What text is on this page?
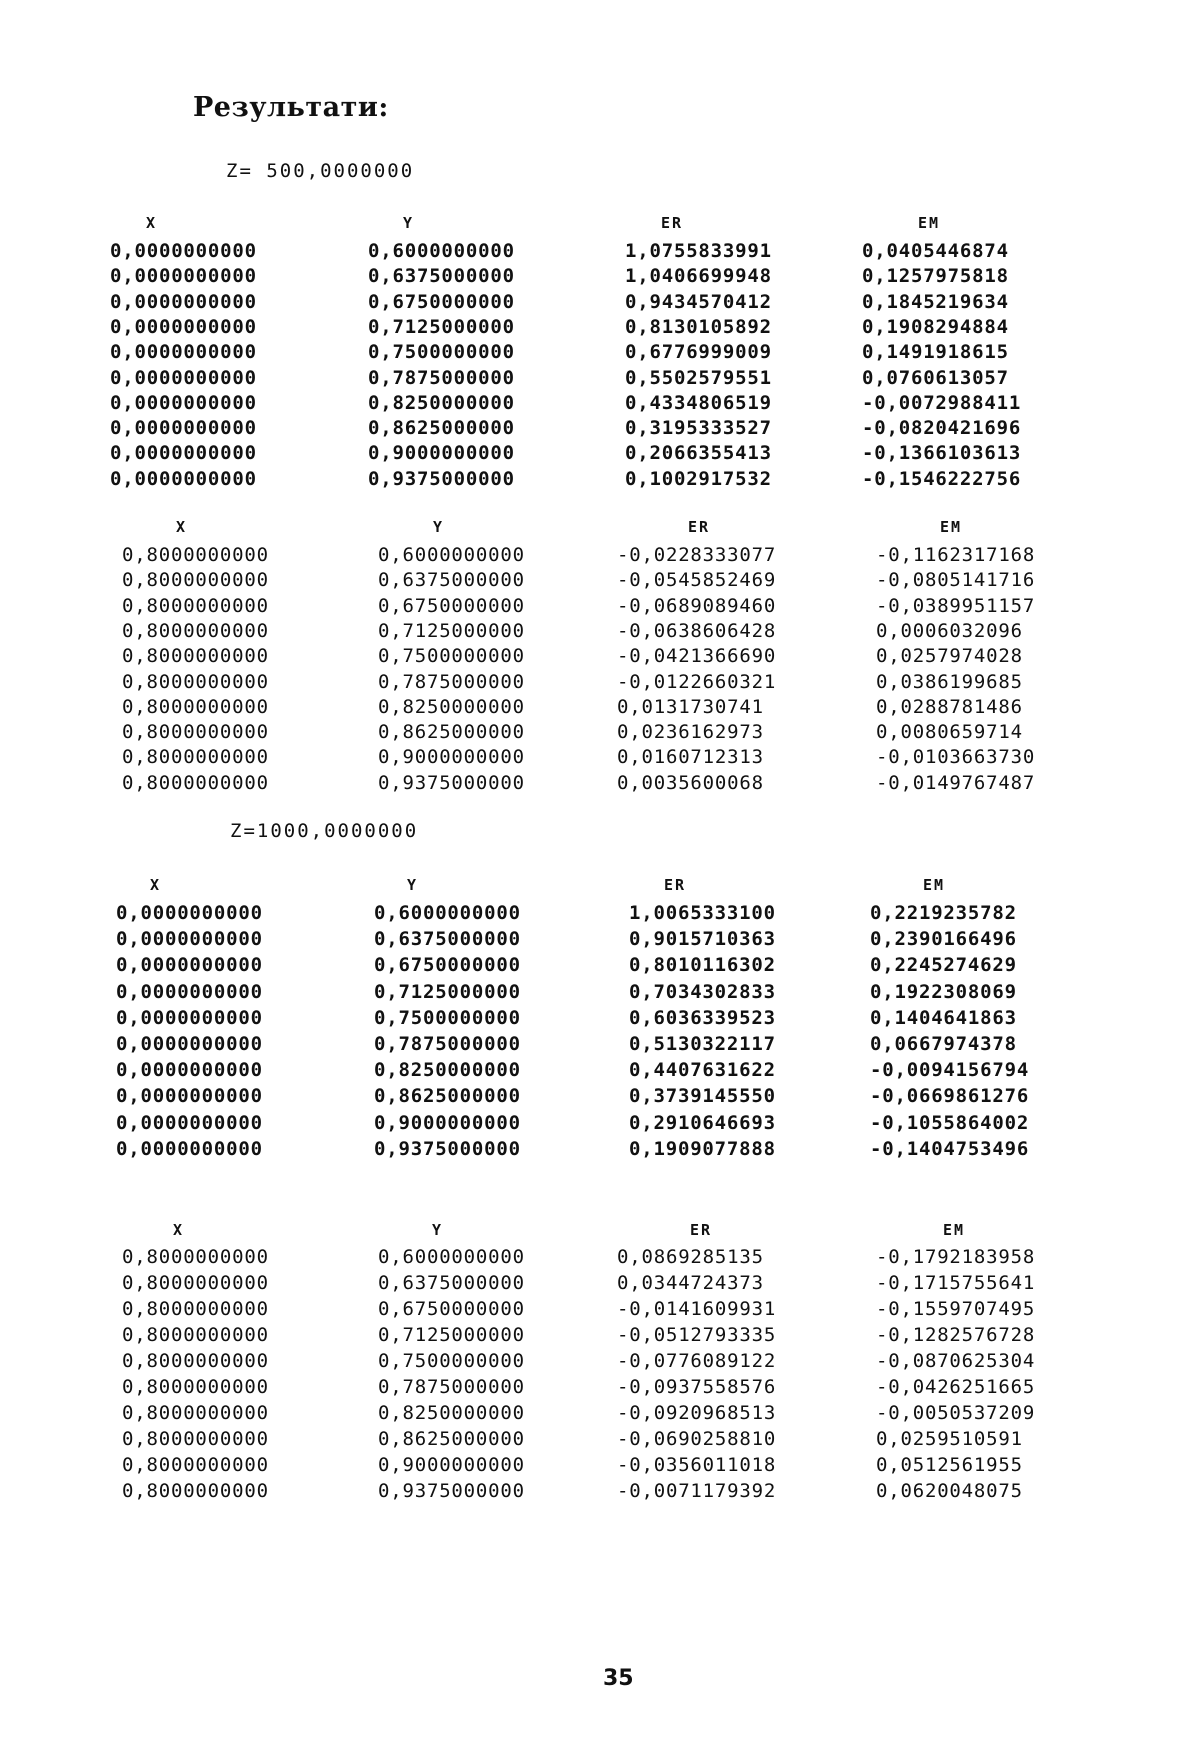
Результати:
Z= 500,0000000
Z=1000,0000000
X	Y	ER	EM
0,0000000000	0,6000000000	1,0755833991	0,0405446874
0,0000000000	0,6375000000	1,0406699948	0,1257975818
0,0000000000	0,6750000000	0,9434570412	0,1845219634
0,0000000000	0,7125000000	0,8130105892	0,1908294884
0,0000000000	0,7500000000	0,6776999009	0,1491918615
0,0000000000	0,7875000000	0,5502579551	0,0760613057
0,0000000000	0,8250000000	0,4334806519	-0,0072988411
0,0000000000	0,8625000000	0,3195333527	-0,0820421696
0,0000000000	0,9000000000	0,2066355413	-0,1366103613
0,0000000000	0,9375000000	0,1002917532	-0,1546222756
X	Y	ER	EM
0,8000000000	0,6000000000	-0,0228333077	-0,1162317168
0,8000000000	0,6375000000	-0,0545852469	-0,0805141716
0,8000000000	0,6750000000	-0,0689089460	-0,0389951157
0,8000000000	0,7125000000	-0,0638606428	0,0006032096
0,8000000000	0,7500000000	-0,0421366690	0,0257974028
0,8000000000	0,7875000000	-0,0122660321	0,0386199685
0,8000000000	0,8250000000	0,0131730741	0,0288781486
0,8000000000	0,8625000000	0,0236162973	0,0080659714
0,8000000000	0,9000000000	0,0160712313	-0,0103663730
0,8000000000	0,9375000000	0,0035600068	-0,0149767487
X	Y	ER	EM
0,0000000000	0,6000000000	1,0065333100	0,2219235782
0,0000000000	0,6375000000	0,9015710363	0,2390166496
0,0000000000	0,6750000000	0,8010116302	0,2245274629
0,0000000000	0,7125000000	0,7034302833	0,1922308069
0,0000000000	0,7500000000	0,6036339523	0,1404641863
0,0000000000	0,7875000000	0,5130322117	0,0667974378
0,0000000000	0,8250000000	0,4407631622	-0,0094156794
0,0000000000	0,8625000000	0,3739145550	-0,0669861276
0,0000000000	0,9000000000	0,2910646693	-0,1055864002
0,0000000000	0,9375000000	0,1909077888	-0,1404753496
X	Y	ER	EM
0,8000000000	0,6000000000	0,0869285135	-0,1792183958
0,8000000000	0,6375000000	0,0344724373	-0,1715755641
0,8000000000	0,6750000000	-0,0141609931	-0,1559707495
0,8000000000	0,7125000000	-0,0512793335	-0,1282576728
0,8000000000	0,7500000000	-0,0776089122	-0,0870625304
0,8000000000	0,7875000000	-0,0937558576	-0,0426251665
0,8000000000	0,8250000000	-0,0920968513	-0,0050537209
0,8000000000	0,8625000000	-0,0690258810	0,0259510591
0,8000000000	0,9000000000	-0,0356011018	0,0512561955
0,8000000000	0,9375000000	-0,0071179392	0,0620048075
35
